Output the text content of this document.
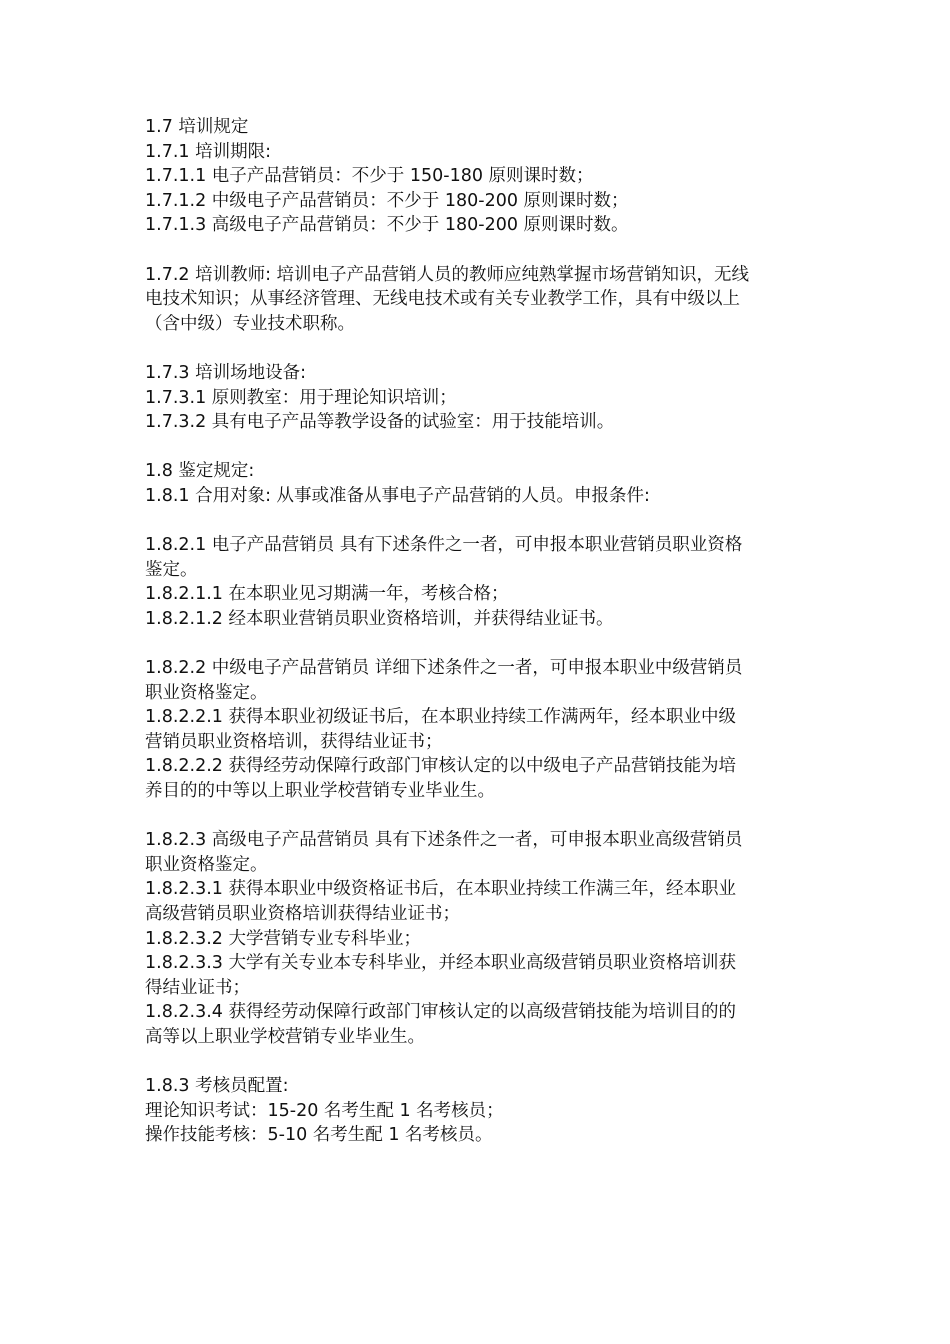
1.7 培训规定
1.7.1 培训期限:
1.7.1.1 电子产品营销员：不少于 150-180 原则课时数；
1.7.1.2 中级电子产品营销员：不少于 180-200 原则课时数；
1.7.1.3 高级电子产品营销员：不少于 180-200 原则课时数。
1.7.2 培训教师: 培训电子产品营销人员的教师应纯熟掌握市场营销知识，无线
电技术知识；从事经济管理、无线电技术或有关专业教学工作，具有中级以上
（含中级）专业技术职称。
1.7.3 培训场地设备:
1.7.3.1 原则教室：用于理论知识培训；
1.7.3.2 具有电子产品等教学设备的试验室：用于技能培训。
1.8 鉴定规定:
1.8.1 合用对象: 从事或准备从事电子产品营销的人员。申报条件:
1.8.2.1 电子产品营销员 具有下述条件之一者，可申报本职业营销员职业资格
鉴定。
1.8.2.1.1 在本职业见习期满一年，考核合格；
1.8.2.1.2 经本职业营销员职业资格培训，并获得结业证书。
1.8.2.2 中级电子产品营销员 详细下述条件之一者，可申报本职业中级营销员
职业资格鉴定。
1.8.2.2.1 获得本职业初级证书后，在本职业持续工作满两年，经本职业中级
营销员职业资格培训，获得结业证书；
1.8.2.2.2 获得经劳动保障行政部门审核认定的以中级电子产品营销技能为培
养目的的中等以上职业学校营销专业毕业生。
1.8.2.3 高级电子产品营销员 具有下述条件之一者，可申报本职业高级营销员
职业资格鉴定。
1.8.2.3.1 获得本职业中级资格证书后，在本职业持续工作满三年，经本职业
高级营销员职业资格培训获得结业证书；
1.8.2.3.2 大学营销专业专科毕业；
1.8.2.3.3 大学有关专业本专科毕业，并经本职业高级营销员职业资格培训获
得结业证书；
1.8.2.3.4 获得经劳动保障行政部门审核认定的以高级营销技能为培训目的的
高等以上职业学校营销专业毕业生。
1.8.3 考核员配置:
理论知识考试：15-20 名考生配 1 名考核员；
操作技能考核：5-10 名考生配 1 名考核员。
